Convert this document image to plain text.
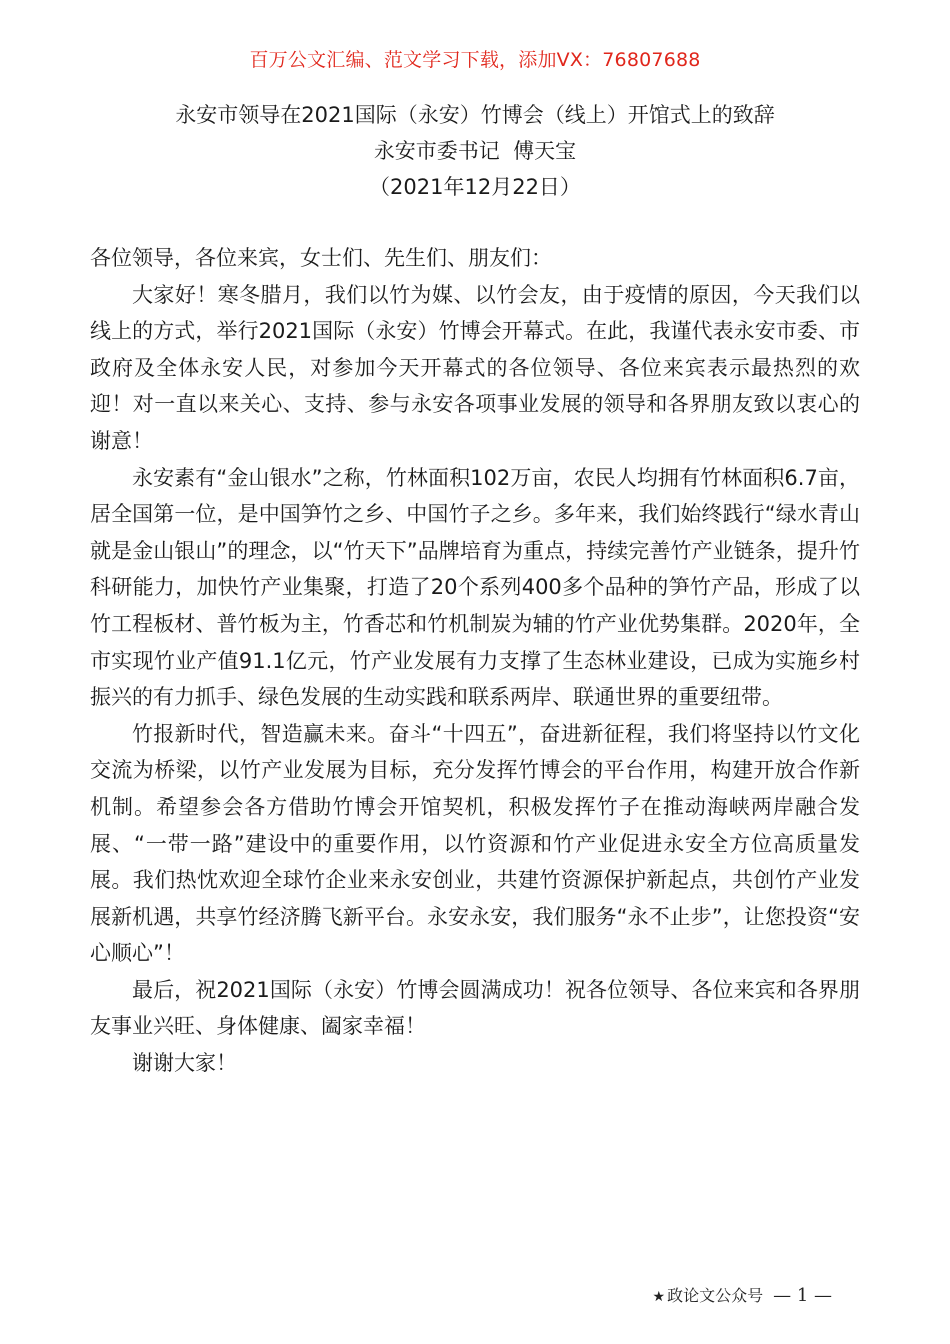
百万公文汇编、范文学习下载，添加VX：76807688
永安市领导在2021国际（永安）竹博会（线上）开馆式上的致辞
永安市委书记  傅天宝
（2021年12月22日）

各位领导，各位来宾，女士们、先生们、朋友们：

大家好！寒冬腊月，我们以竹为媒、以竹会友，由于疫情的原因，今天我们以线上的方式，举行2021国际（永安）竹博会开幕式。在此，我谨代表永安市委、市政府及全体永安人民，对参加今天开幕式的各位领导、各位来宾表示最热烈的欢迎！对一直以来关心、支持、参与永安各项事业发展的领导和各界朋友致以衷心的谢意！

永安素有“金山银水”之称，竹林面积102万亩，农民人均拥有竹林面积6.7亩，居全国第一位，是中国笋竹之乡、中国竹子之乡。多年来，我们始终践行“绿水青山就是金山银山”的理念，以“竹天下”品牌培育为重点，持续完善竹产业链条，提升竹科研能力，加快竹产业集聚，打造了20个系列400多个品种的笋竹产品，形成了以竹工程板材、普竹板为主，竹香芯和竹机制炭为辅的竹产业优势集群。2020年，全市实现竹业产值91.1亿元，竹产业发展有力支撑了生态林业建设，已成为实施乡村振兴的有力抓手、绿色发展的生动实践和联系两岸、联通世界的重要纽带。

竹报新时代，智造赢未来。奋斗“十四五”，奋进新征程，我们将坚持以竹文化交流为桥梁，以竹产业发展为目标，充分发挥竹博会的平台作用，构建开放合作新机制。希望参会各方借助竹博会开馆契机，积极发挥竹子在推动海峡两岸融合发展、“一带一路”建设中的重要作用，以竹资源和竹产业促进永安全方位高质量发展。我们热忱欢迎全球竹企业来永安创业，共建竹资源保护新起点，共创竹产业发展新机遇，共享竹经济腾飞新平台。永安永安，我们服务“永不止步”，让您投资“安心顺心”！

最后，祝2021国际（永安）竹博会圆满成功！祝各位领导、各位来宾和各界朋友事业兴旺、身体健康、阖家幸福！

谢谢大家！

★ 政论文公众号 — 1 —
